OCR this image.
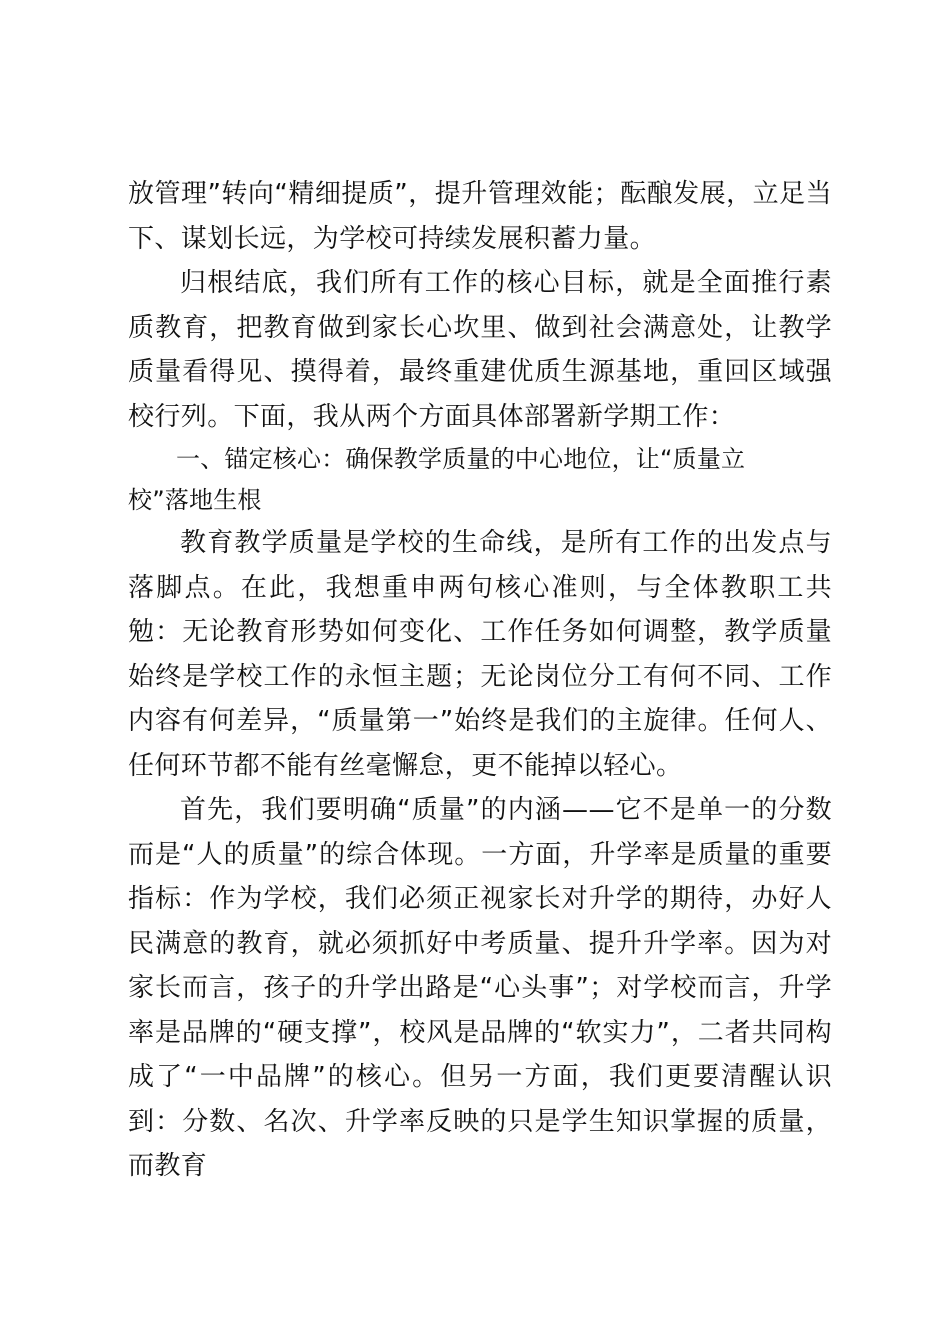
放管理”转向“精细提质”，提升管理效能；酝酿发展，立足当下、谋划长远，为学校可持续发展积蓄力量。

归根结底，我们所有工作的核心目标，就是全面推行素质教育，把教育做到家长心坎里、做到社会满意处，让教学质量看得见、摸得着，最终重建优质生源基地，重回区域强校行列。下面，我从两个方面具体部署新学期工作：

一、锚定核心：确保教学质量的中心地位，让“质量立校”落地生根

教育教学质量是学校的生命线，是所有工作的出发点与落脚点。在此，我想重申两句核心准则，与全体教职工共勉：无论教育形势如何变化、工作任务如何调整，教学质量始终是学校工作的永恒主题；无论岗位分工有何不同、工作内容有何差异，“质量第一”始终是我们的主旋律。任何人、任何环节都不能有丝毫懈怠，更不能掉以轻心。

首先，我们要明确“质量”的内涵——它不是单一的分数而是“人的质量”的综合体现。一方面，升学率是质量的重要指标：作为学校，我们必须正视家长对升学的期待，办好人民满意的教育，就必须抓好中考质量、提升升学率。因为对家长而言，孩子的升学出路是“心头事”；对学校而言，升学率是品牌的“硬支撑”，校风是品牌的“软实力”，二者共同构成了“一中品牌”的核心。但另一方面，我们更要清醒认识到：分数、名次、升学率反映的只是学生知识掌握的质量，而教育
